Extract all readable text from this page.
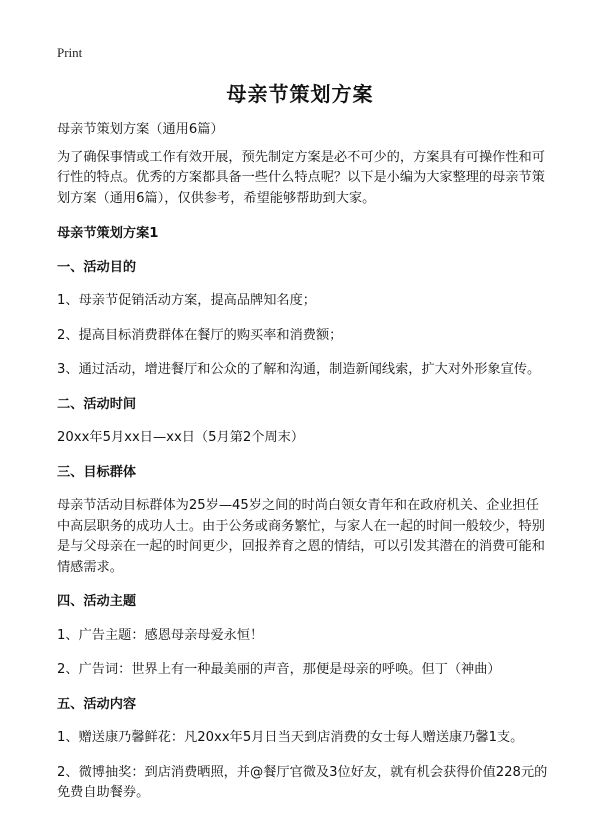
Print
母亲节策划方案

母亲节策划方案（通用6篇）

为了确保事情或工作有效开展，预先制定方案是必不可少的，方案具有可操作性和可行性的特点。优秀的方案都具备一些什么特点呢？以下是小编为大家整理的母亲节策划方案（通用6篇），仅供参考，希望能够帮助到大家。

母亲节策划方案1

一、活动目的

1、母亲节促销活动方案，提高品牌知名度；

2、提高目标消费群体在餐厅的购买率和消费额；

3、通过活动，增进餐厅和公众的了解和沟通，制造新闻线索，扩大对外形象宣传。

二、活动时间

20xx年5月xx日—xx日（5月第2个周末）

三、目标群体

母亲节活动目标群体为25岁—45岁之间的时尚白领女青年和在政府机关、企业担任中高层职务的成功人士。由于公务或商务繁忙，与家人在一起的时间一般较少，特别是与父母亲在一起的时间更少，回报养育之恩的情结，可以引发其潜在的消费可能和情感需求。

四、活动主题

1、广告主题：感恩母亲母爱永恒！

2、广告词：世界上有一种最美丽的声音，那便是母亲的呼唤。但丁（神曲）

五、活动内容

1、赠送康乃馨鲜花：凡20xx年5月日当天到店消费的女士每人赠送康乃馨1支。

2、微博抽奖：到店消费晒照，并@餐厅官微及3位好友，就有机会获得价值228元的免费自助餐券。
